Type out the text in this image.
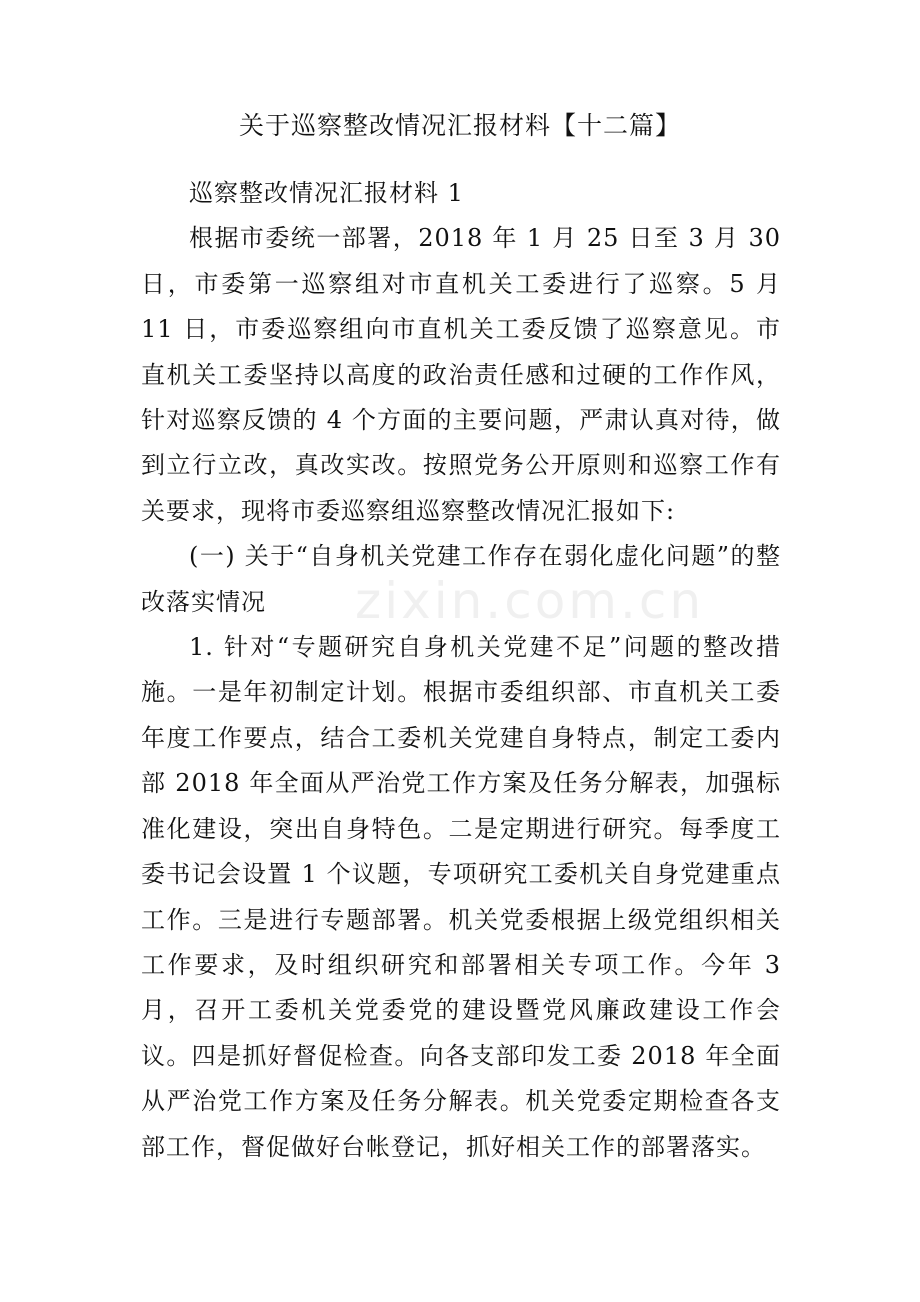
关于巡察整改情况汇报材料【十二篇】

巡察整改情况汇报材料 1

根据市委统一部署，2018 年 1 月 25 日至 3 月 30 日，市委第一巡察组对市直机关工委进行了巡察。5 月 11 日，市委巡察组向市直机关工委反馈了巡察意见。市直机关工委坚持以高度的政治责任感和过硬的工作作风，针对巡察反馈的 4 个方面的主要问题，严肃认真对待，做到立行立改，真改实改。按照党务公开原则和巡察工作有关要求，现将市委巡察组巡察整改情况汇报如下:

(一) 关于“自身机关党建工作存在弱化虚化问题”的整改落实情况

1. 针对“专题研究自身机关党建不足”问题的整改措施。一是年初制定计划。根据市委组织部、市直机关工委年度工作要点，结合工委机关党建自身特点，制定工委内部 2018 年全面从严治党工作方案及任务分解表，加强标准化建设，突出自身特色。二是定期进行研究。每季度工委书记会设置 1 个议题，专项研究工委机关自身党建重点工作。三是进行专题部署。机关党委根据上级党组织相关工作要求，及时组织研究和部署相关专项工作。今年 3 月，召开工委机关党委党的建设暨党风廉政建设工作会议。四是抓好督促检查。向各支部印发工委 2018 年全面从严治党工作方案及任务分解表。机关党委定期检查各支部工作，督促做好台帐登记，抓好相关工作的部署落实。

zixin.com.cn
